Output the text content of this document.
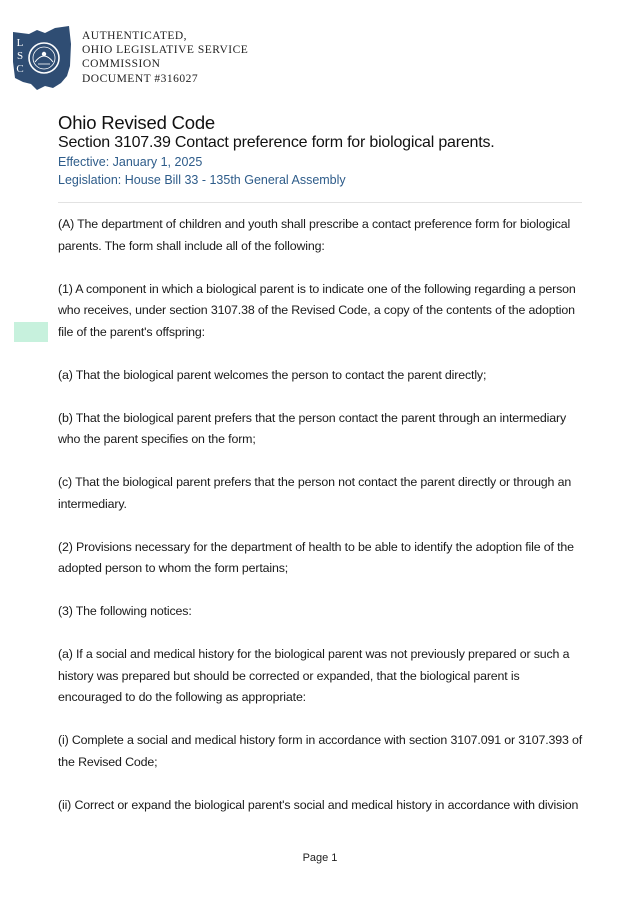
L
S
C
AUTHENTICATED,
OHIO LEGISLATIVE SERVICE
COMMISSION
DOCUMENT #316027
Ohio Revised Code
Section 3107.39 Contact preference form for biological parents.
Effective: January 1, 2025
Legislation: House Bill 33 - 135th General Assembly

(A) The department of children and youth shall prescribe a contact preference form for biological parents. The form shall include all of the following:

(1) A component in which a biological parent is to indicate one of the following regarding a person who receives, under section 3107.38 of the Revised Code, a copy of the contents of the adoption file of the parent's offspring:

(a) That the biological parent welcomes the person to contact the parent directly;

(b) That the biological parent prefers that the person contact the parent through an intermediary who the parent specifies on the form;

(c) That the biological parent prefers that the person not contact the parent directly or through an intermediary.

(2) Provisions necessary for the department of health to be able to identify the adoption file of the adopted person to whom the form pertains;

(3) The following notices:

(a) If a social and medical history for the biological parent was not previously prepared or such a history was prepared but should be corrected or expanded, that the biological parent is encouraged to do the following as appropriate:

(i) Complete a social and medical history form in accordance with section 3107.091 or 3107.393 of the Revised Code;

(ii) Correct or expand the biological parent's social and medical history in accordance with division

Page 1
